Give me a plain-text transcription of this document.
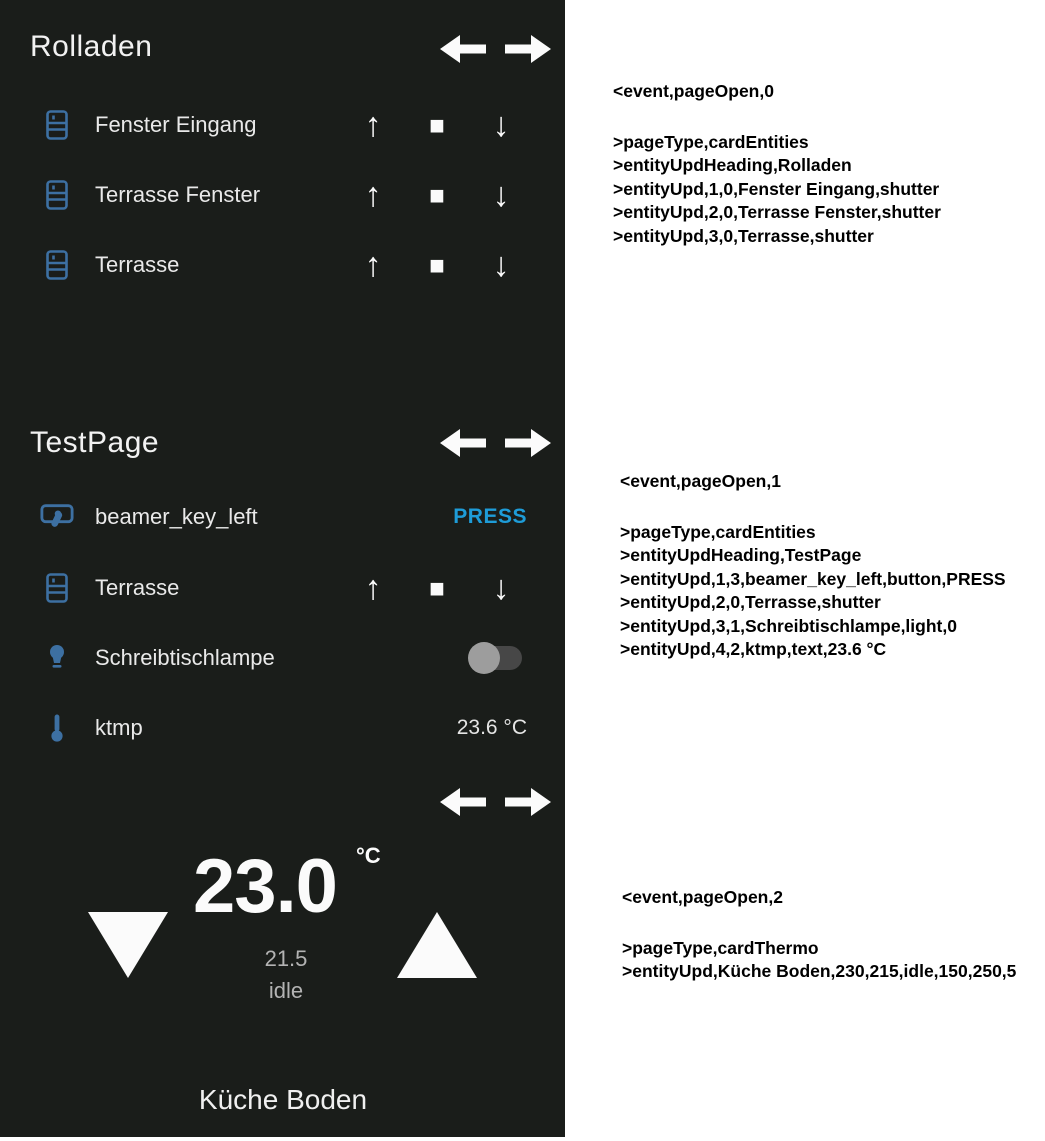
Rolladen
Fenster Eingang	↑ ■ ↓
Terrasse Fenster	↑ ■ ↓
Terrasse	↑ ■ ↓
TestPage
beamer_key_left	PRESS
Terrasse	↑ ■ ↓
Schreibtischlampe
ktmp	23.6 °C
23.0 °C
21.5
idle
Küche Boden
<event,pageOpen,0
>pageType,cardEntities
>entityUpdHeading,Rolladen
>entityUpd,1,0,Fenster Eingang,shutter
>entityUpd,2,0,Terrasse Fenster,shutter
>entityUpd,3,0,Terrasse,shutter
<event,pageOpen,1
>pageType,cardEntities
>entityUpdHeading,TestPage
>entityUpd,1,3,beamer_key_left,button,PRESS
>entityUpd,2,0,Terrasse,shutter
>entityUpd,3,1,Schreibtischlampe,light,0
>entityUpd,4,2,ktmp,text,23.6 °C
<event,pageOpen,2
>pageType,cardThermo
>entityUpd,Küche Boden,230,215,idle,150,250,5
